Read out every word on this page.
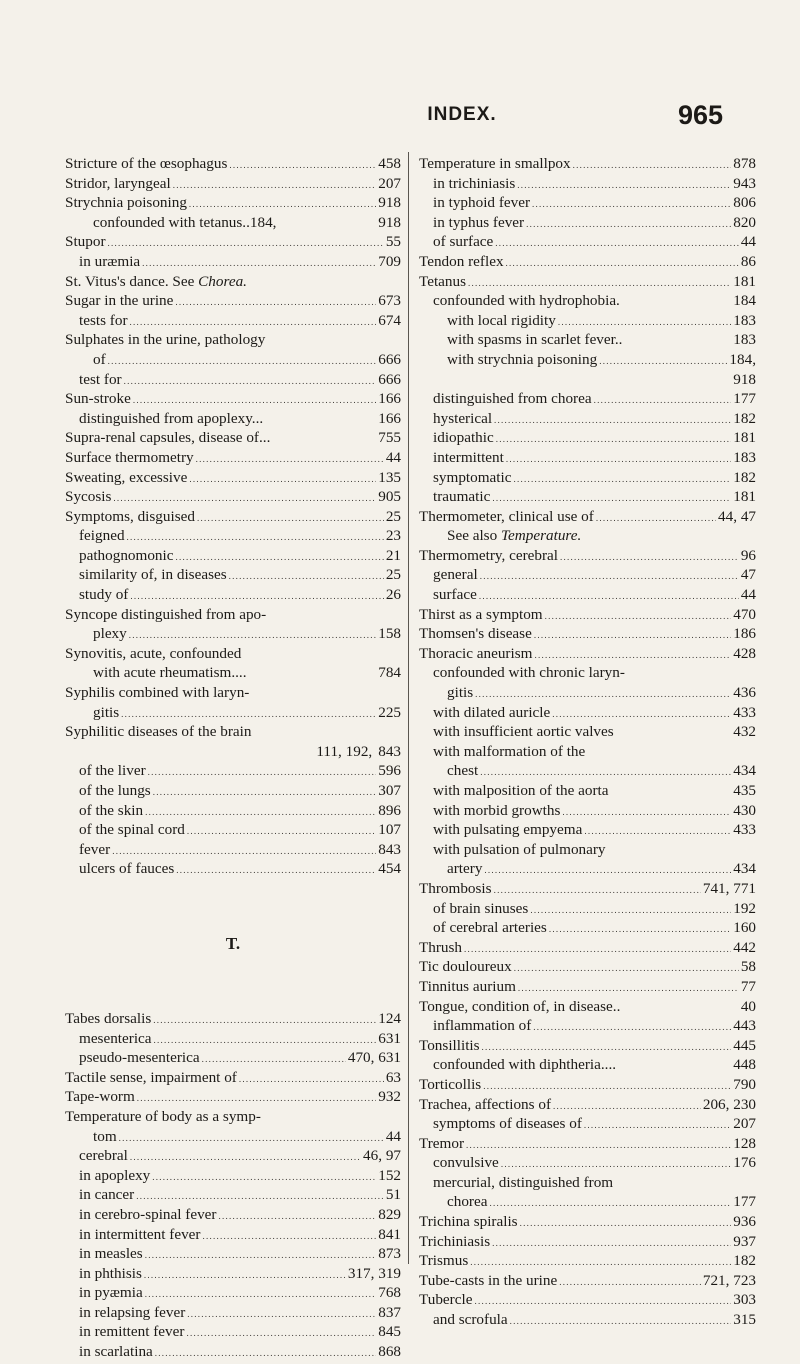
INDEX.	965
Stricture of the œsophagus . . .	458
Stridor, laryngeal . . .	207
Strychnia poisoning . . .	918
confounded with tetanus..184,	918
Stupor . . .	55
in uræmia . . .	709
St. Vitus's dance. See Chorea.
Sugar in the urine . . .	673
tests for . . .	674
Sulphates in the urine, pathology
of . . .	666
test for . . .	666
Sun-stroke . . .	166
distinguished from apoplexy...	166
Supra-renal capsules, disease of...	755
Surface thermometry . . .	44
Sweating, excessive . . .	135
Sycosis . . .	905
Symptoms, disguised . . .	25
feigned . . .	23
pathognomonic . . .	21
similarity of, in diseases . . .	25
study of . . .	26
Syncope distinguished from apo-
plexy . . .	158
Synovitis, acute, confounded
with acute rheumatism....	784
Syphilis combined with laryn-
gitis . . .	225
Syphilitic diseases of the brain
111, 192, 843
of the liver . . .	596
of the lungs . . .	307
of the skin . . .	896
of the spinal cord . . .	107
fever . . .	843
ulcers of fauces . . .	454
T.
Tabes dorsalis . . .	124
mesenterica . . .	631
pseudo-mesenterica . . .	470, 631
Tactile sense, impairment of . . .	63
Tape-worm . . .	932
Temperature of body as a symp-
tom . . .	44
cerebral . . .	46, 97
in apoplexy . . .	152
in cancer . . .	51
in cerebro-spinal fever . . .	829
in intermittent fever . . .	841
in measles . . .	873
in phthisis . . .	317, 319
in pyæmia . . .	768
in relapsing fever . . .	837
in remittent fever . . .	845
in scarlatina . . .	868
Temperature in smallpox . . .	878
in trichiniasis . . .	943
in typhoid fever . . .	806
in typhus fever . . .	820
of surface . . .	44
Tendon reflex . . .	86
Tetanus . . .	181
confounded with hydrophobia.	184
with local rigidity . . .	183
with spasms in scarlet fever..	183
with strychnia poisoning . . .	184,
918
distinguished from chorea . . .	177
hysterical . . .	182
idiopathic . . .	181
intermittent . . .	183
symptomatic . . .	182
traumatic . . .	181
Thermometer, clinical use of . . .	44, 47
See also Temperature.
Thermometry, cerebral . . .	96
general . . .	47
surface . . .	44
Thirst as a symptom . . .	470
Thomsen's disease . . .	186
Thoracic aneurism . . .	428
confounded with chronic laryn-
gitis . . .	436
with dilated auricle . . .	433
with insufficient aortic valves	432
with malformation of the
chest . . .	434
with malposition of the aorta	435
with morbid growths . . .	430
with pulsating empyema . . .	433
with pulsation of pulmonary
artery . . .	434
Thrombosis . . .	741, 771
of brain sinuses . . .	192
of cerebral arteries . . .	160
Thrush . . .	442
Tic douloureux . . .	58
Tinnitus aurium . . .	77
Tongue, condition of, in disease..	40
inflammation of . . .	443
Tonsillitis . . .	445
confounded with diphtheria....	448
Torticollis . . .	790
Trachea, affections of . . .	206, 230
symptoms of diseases of . . .	207
Tremor . . .	128
convulsive . . .	176
mercurial, distinguished from
chorea . . .	177
Trichina spiralis . . .	936
Trichiniasis . . .	937
Trismus . . .	182
Tube-casts in the urine . . .	721, 723
Tubercle . . .	303
and scrofula . . .	315
